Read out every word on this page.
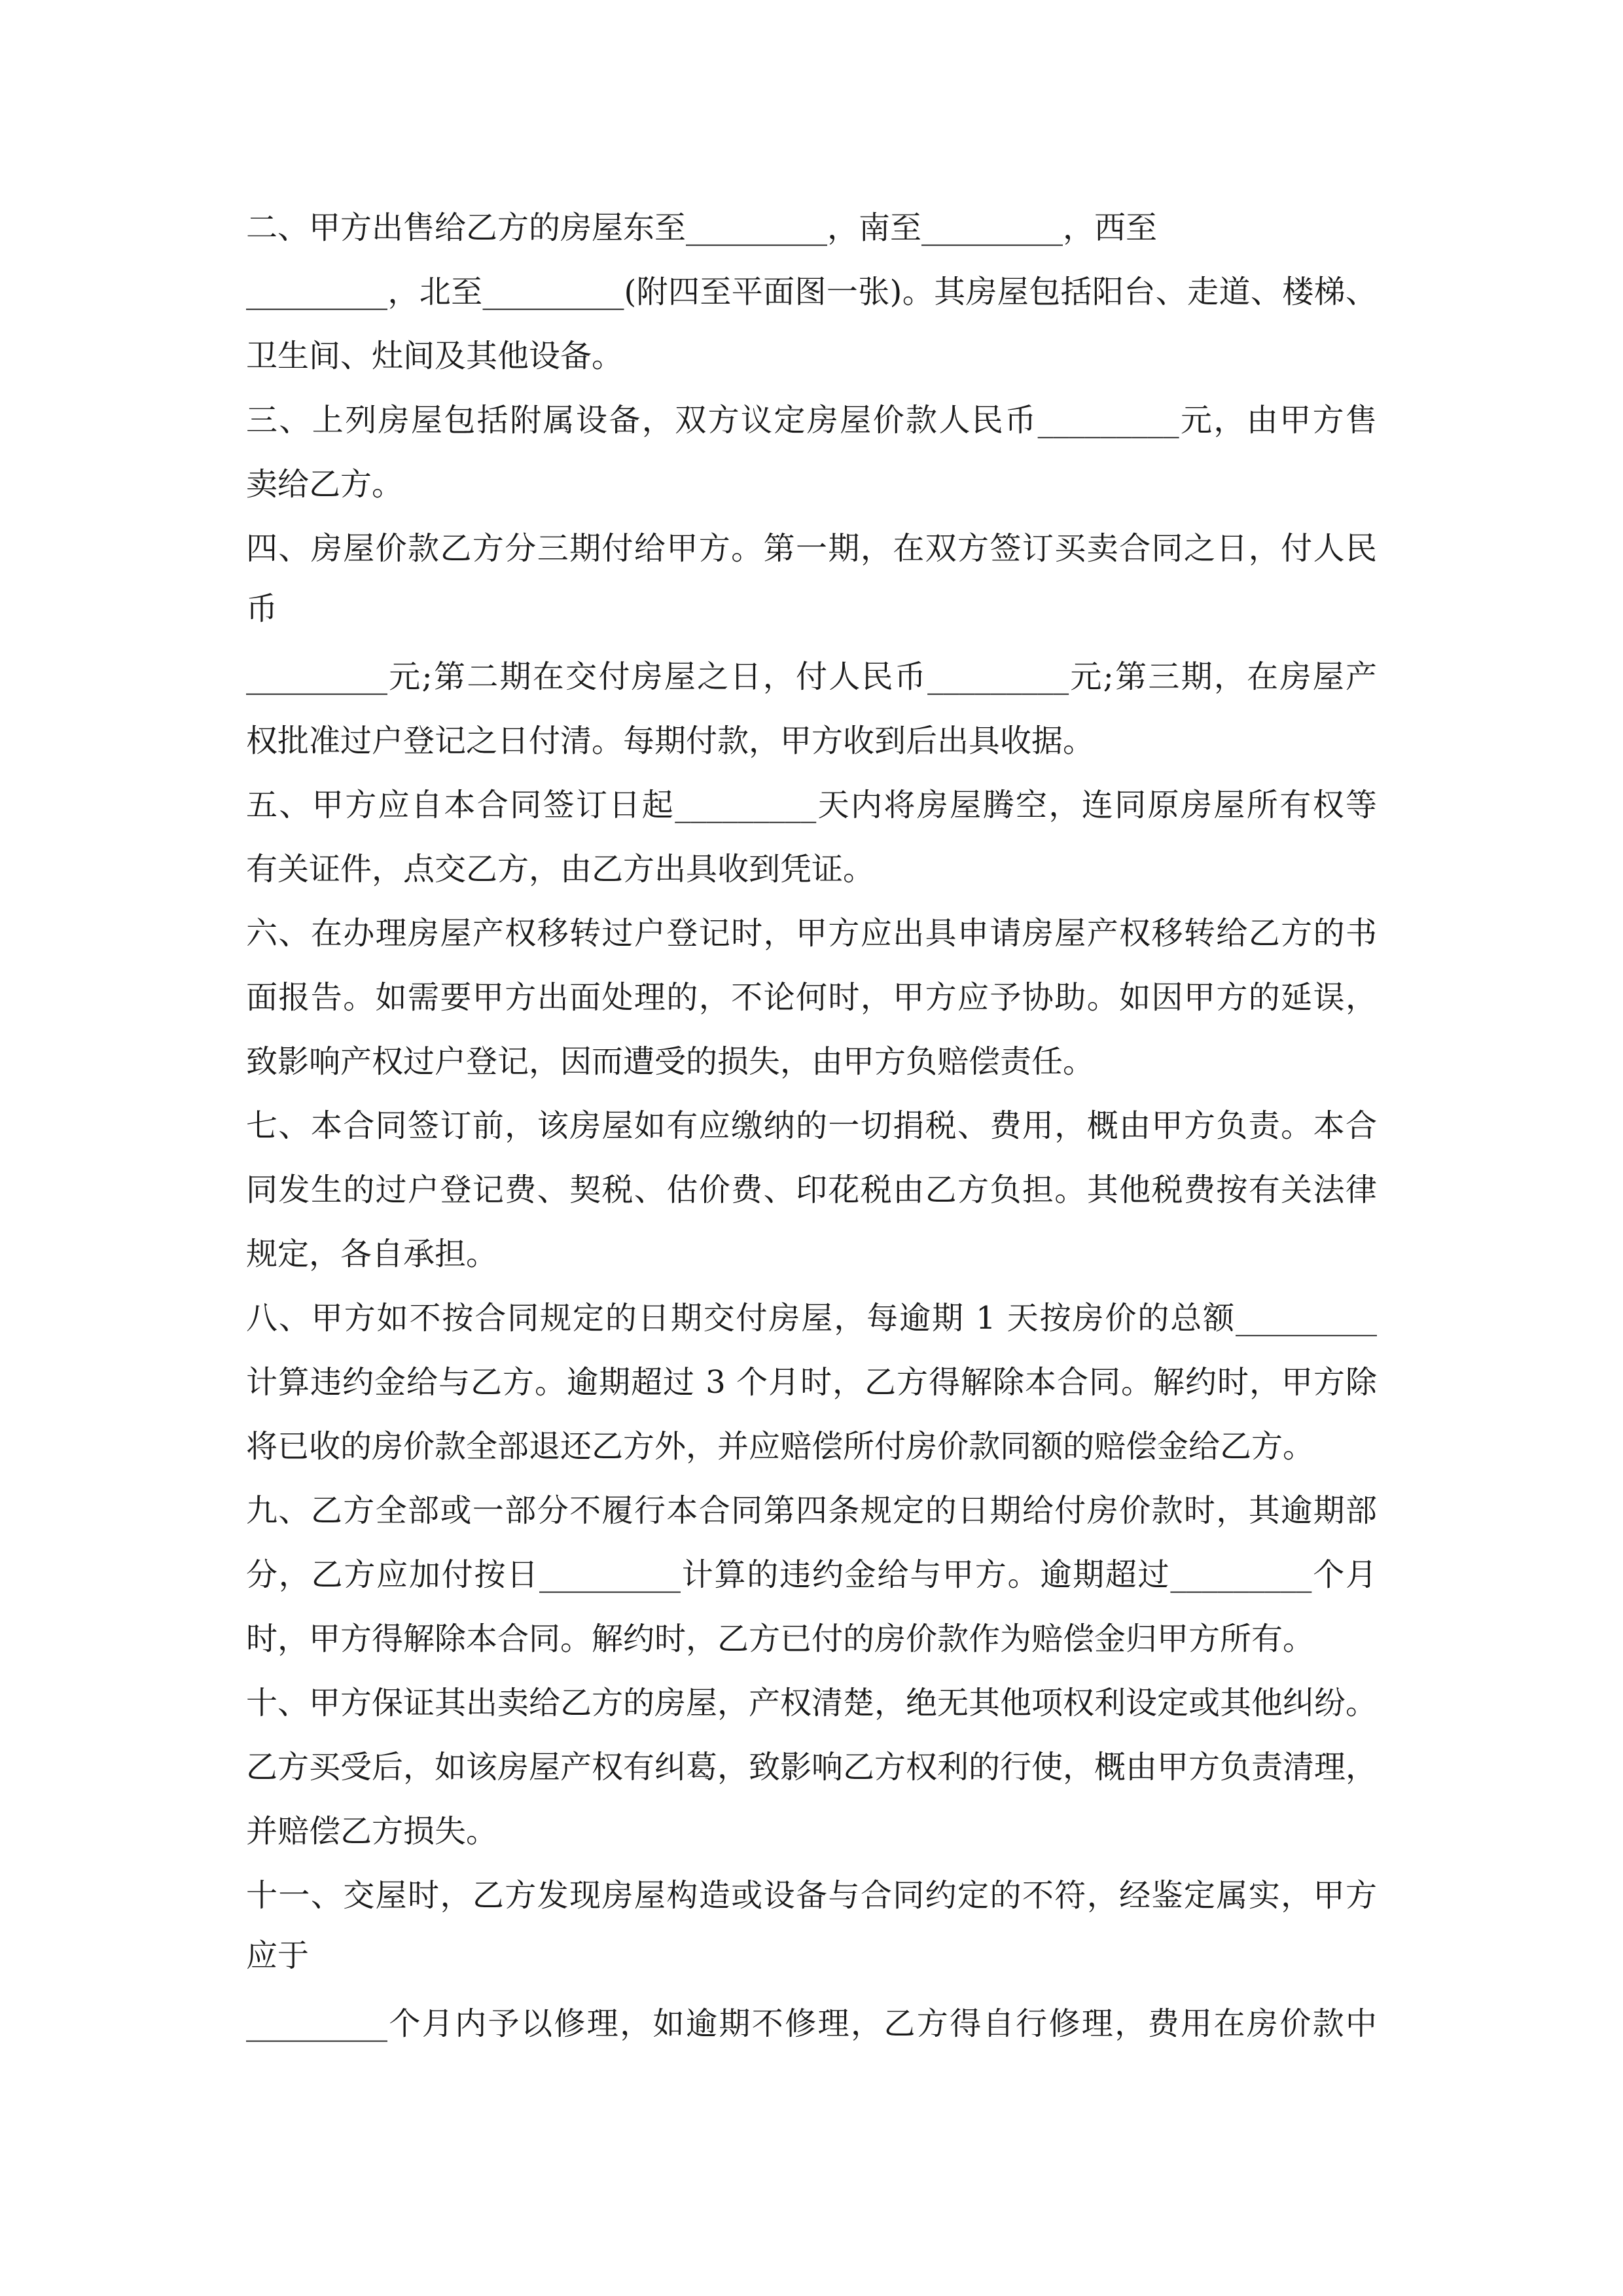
二、甲方出售给乙方的房屋东至_________，南至_________，西至
_________，北至_________(附四至平面图一张)。其房屋包括阳台、走道、楼梯、
卫生间、灶间及其他设备。
三、上列房屋包括附属设备，双方议定房屋价款人民币_________元，由甲方售
卖给乙方。
四、房屋价款乙方分三期付给甲方。第一期，在双方签订买卖合同之日，付人民
币
_________元;第二期在交付房屋之日，付人民币_________元;第三期，在房屋产
权批准过户登记之日付清。每期付款，甲方收到后出具收据。
五、甲方应自本合同签订日起_________天内将房屋腾空，连同原房屋所有权等
有关证件，点交乙方，由乙方出具收到凭证。
六、在办理房屋产权移转过户登记时，甲方应出具申请房屋产权移转给乙方的书
面报告。如需要甲方出面处理的，不论何时，甲方应予协助。如因甲方的延误，
致影响产权过户登记，因而遭受的损失，由甲方负赔偿责任。
七、本合同签订前，该房屋如有应缴纳的一切捐税、费用，概由甲方负责。本合
同发生的过户登记费、契税、估价费、印花税由乙方负担。其他税费按有关法律
规定，各自承担。
八、甲方如不按合同规定的日期交付房屋，每逾期 1 天按房价的总额_________
计算违约金给与乙方。逾期超过 3 个月时，乙方得解除本合同。解约时，甲方除
将已收的房价款全部退还乙方外，并应赔偿所付房价款同额的赔偿金给乙方。
九、乙方全部或一部分不履行本合同第四条规定的日期给付房价款时，其逾期部
分，乙方应加付按日_________计算的违约金给与甲方。逾期超过_________个月
时，甲方得解除本合同。解约时，乙方已付的房价款作为赔偿金归甲方所有。
十、甲方保证其出卖给乙方的房屋，产权清楚，绝无其他项权利设定或其他纠纷。
乙方买受后，如该房屋产权有纠葛，致影响乙方权利的行使，概由甲方负责清理，
并赔偿乙方损失。
十一、交屋时，乙方发现房屋构造或设备与合同约定的不符，经鉴定属实，甲方
应于
_________个月内予以修理，如逾期不修理，乙方得自行修理，费用在房价款中
